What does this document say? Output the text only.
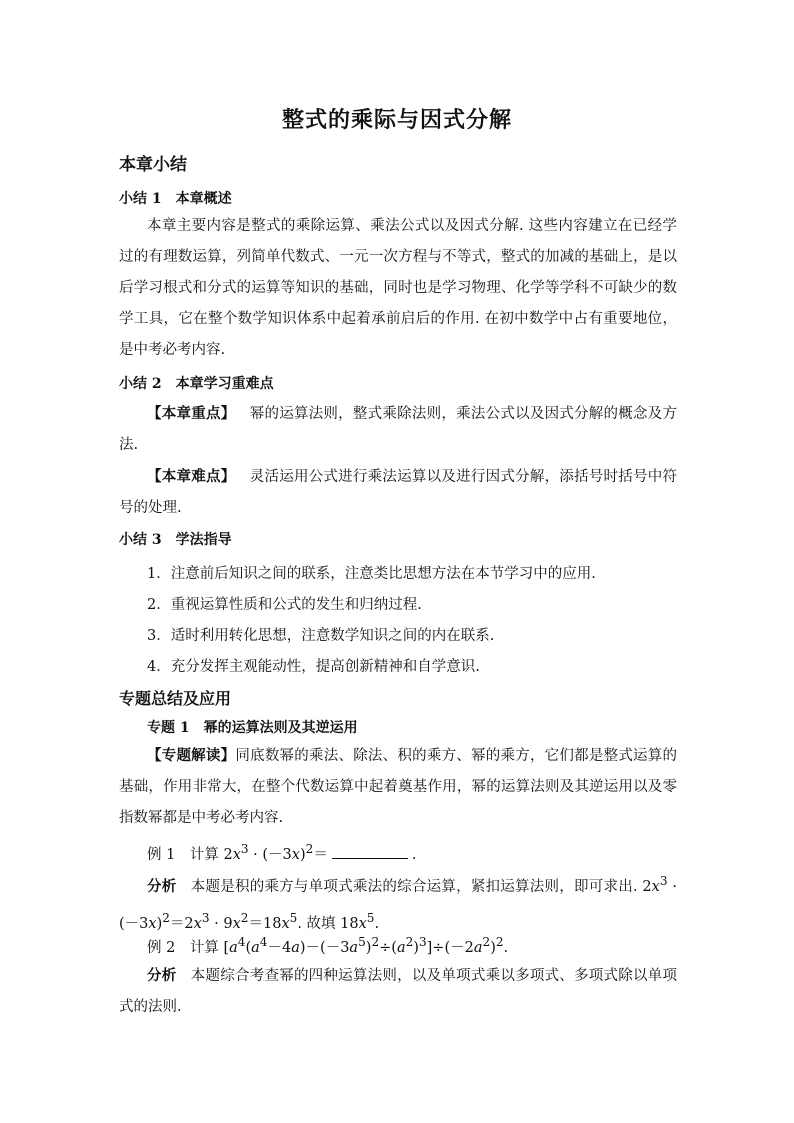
整式的乘际与因式分解
本章小结
小结 1　本章概述
本章主要内容是整式的乘除运算、乘法公式以及因式分解. 这些内容建立在已经学过的有理数运算，列简单代数式、一元一次方程与不等式，整式的加减的基础上，是以后学习根式和分式的运算等知识的基础，同时也是学习物理、化学等学科不可缺少的数学工具，它在整个数学知识体系中起着承前启后的作用. 在初中数学中占有重要地位，是中考必考内容.
小结 2　本章学习重难点
【本章重点】 幂的运算法则，整式乘除法则，乘法公式以及因式分解的概念及方法.
【本章难点】 灵活运用公式进行乘法运算以及进行因式分解，添括号时括号中符号的处理.
小结 3　学法指导
1．注意前后知识之间的联系，注意类比思想方法在本节学习中的应用.
2．重视运算性质和公式的发生和归纳过程.
3．适时利用转化思想，注意数学知识之间的内在联系.
4．充分发挥主观能动性，提高创新精神和自学意识.
专题总结及应用
专题 1　幂的运算法则及其逆运用
【专题解读】同底数幂的乘法、除法、积的乘方、幂的乘方，它们都是整式运算的基础，作用非常大，在整个代数运算中起着奠基作用，幂的运算法则及其逆运用以及零指数幂都是中考必考内容.
例 1　计算 $2x^3 \cdot (-3x)^2=$	.
分析 本题是积的乘方与单项式乘法的综合运算，紧扣运算法则，即可求出. $2x^3 \cdot (-3x)^2=2x^3 \cdot 9x^2=18x^5$. 故填 $18x^5$.
例 2　计算 $[a^4(a^4-4a)-(-3a^5)^2\div(a^2)^3]\div(-2a^2)^2$.
分析 本题综合考查幂的四种运算法则，以及单项式乘以多项式、多项式除以单项式的法则.
